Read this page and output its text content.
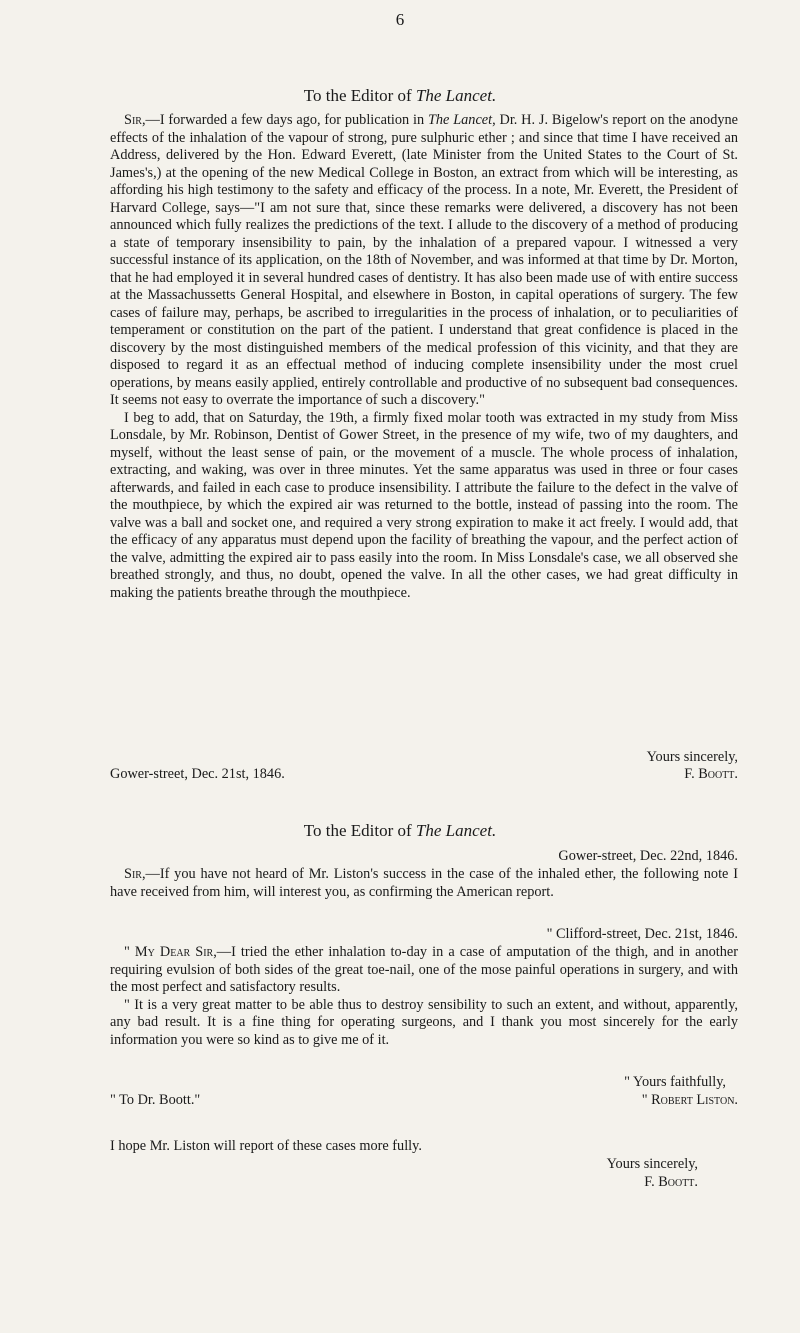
6
To the Editor of The Lancet.

Sir,—I forwarded a few days ago, for publication in The Lancet, Dr. H. J. Bigelow's report on the anodyne effects of the inhalation of the vapour of strong, pure sulphuric ether ; and since that time I have received an Address, delivered by the Hon. Edward Everett, (late Minister from the United States to the Court of St. James's,) at the opening of the new Medical College in Boston, an extract from which will be interesting, as affording his high testimony to the safety and efficacy of the process. In a note, Mr. Everett, the President of Harvard College, says—"I am not sure that, since these remarks were delivered, a discovery has not been announced which fully realizes the predictions of the text. I allude to the discovery of a method of producing a state of temporary insensibility to pain, by the inhalation of a prepared vapour. I witnessed a very successful instance of its application, on the 18th of November, and was informed at that time by Dr. Morton, that he had employed it in several hundred cases of dentistry. It has also been made use of with entire success at the Massachussetts General Hospital, and elsewhere in Boston, in capital operations of surgery. The few cases of failure may, perhaps, be ascribed to irregularities in the process of inhalation, or to peculiarities of temperament or constitution on the part of the patient. I understand that great confidence is placed in the discovery by the most distinguished members of the medical profession of this vicinity, and that they are disposed to regard it as an effectual method of inducing complete insensibility under the most cruel operations, by means easily applied, entirely controllable and productive of no subsequent bad consequences. It seems not easy to overrate the importance of such a discovery."

I beg to add, that on Saturday, the 19th, a firmly fixed molar tooth was extracted in my study from Miss Lonsdale, by Mr. Robinson, Dentist of Gower Street, in the presence of my wife, two of my daughters, and myself, without the least sense of pain, or the movement of a muscle. The whole process of inhalation, extracting, and waking, was over in three minutes. Yet the same apparatus was used in three or four cases afterwards, and failed in each case to produce insensibility. I attribute the failure to the defect in the valve of the mouthpiece, by which the expired air was returned to the bottle, instead of passing into the room. The valve was a ball and socket one, and required a very strong expiration to make it act freely. I would add, that the efficacy of any apparatus must depend upon the facility of breathing the vapour, and the perfect action of the valve, admitting the expired air to pass easily into the room. In Miss Lonsdale's case, we all observed she breathed strongly, and thus, no doubt, opened the valve. In all the other cases, we had great difficulty in making the patients breathe through the mouthpiece.

Yours sincerely,
Gower-street, Dec. 21st, 1846.	F. Boott.
To the Editor of The Lancet.
Gower-street, Dec. 22nd, 1846.

Sir,—If you have not heard of Mr. Liston's success in the case of the inhaled ether, the following note I have received from him, will interest you, as confirming the American report.

" Clifford-street, Dec. 21st, 1846.

" My Dear Sir,—I tried the ether inhalation to-day in a case of amputation of the thigh, and in another requiring evulsion of both sides of the great toe-nail, one of the mose painful operations in surgery, and with the most perfect and satisfactory results.

" It is a very great matter to be able thus to destroy sensibility to such an extent, and without, apparently, any bad result. It is a fine thing for operating surgeons, and I thank you most sincerely for the early information you were so kind as to give me of it.

" Yours faithfully,
" To Dr. Boott."	" Robert Liston.

I hope Mr. Liston will report of these cases more fully.

Yours sincerely,
F. Boott.
